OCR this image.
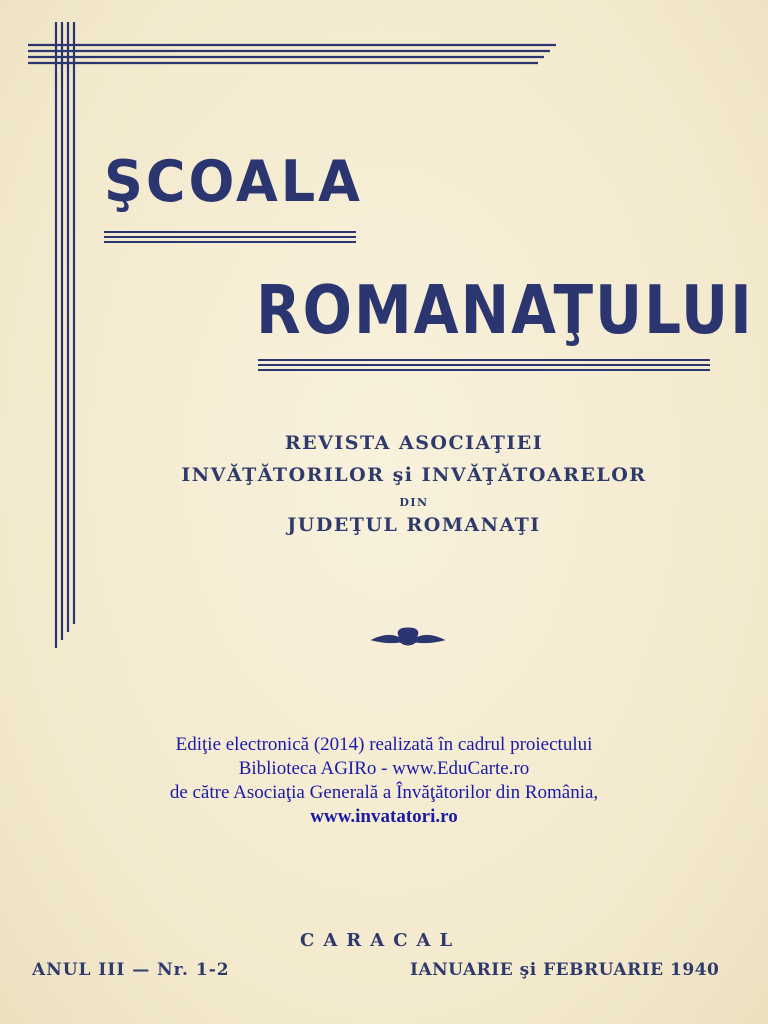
ŞCOALA
ROMANAŢULUI
REVISTA ASOCIAŢIEI
INVĂŢĂTORILOR şi INVĂŢĂTOARELOR
DIN
JUDEŢUL ROMANAŢI
Ediţie electronică (2014) realizată în cadrul proiectului
Biblioteca AGIRo - www.EduCarte.ro
de către Asociaţia Generală a Învăţătorilor din România,
www.invatatori.ro
CARACAL
ANUL III — Nr. 1-2	IANUARIE şi FEBRUARIE 1940
